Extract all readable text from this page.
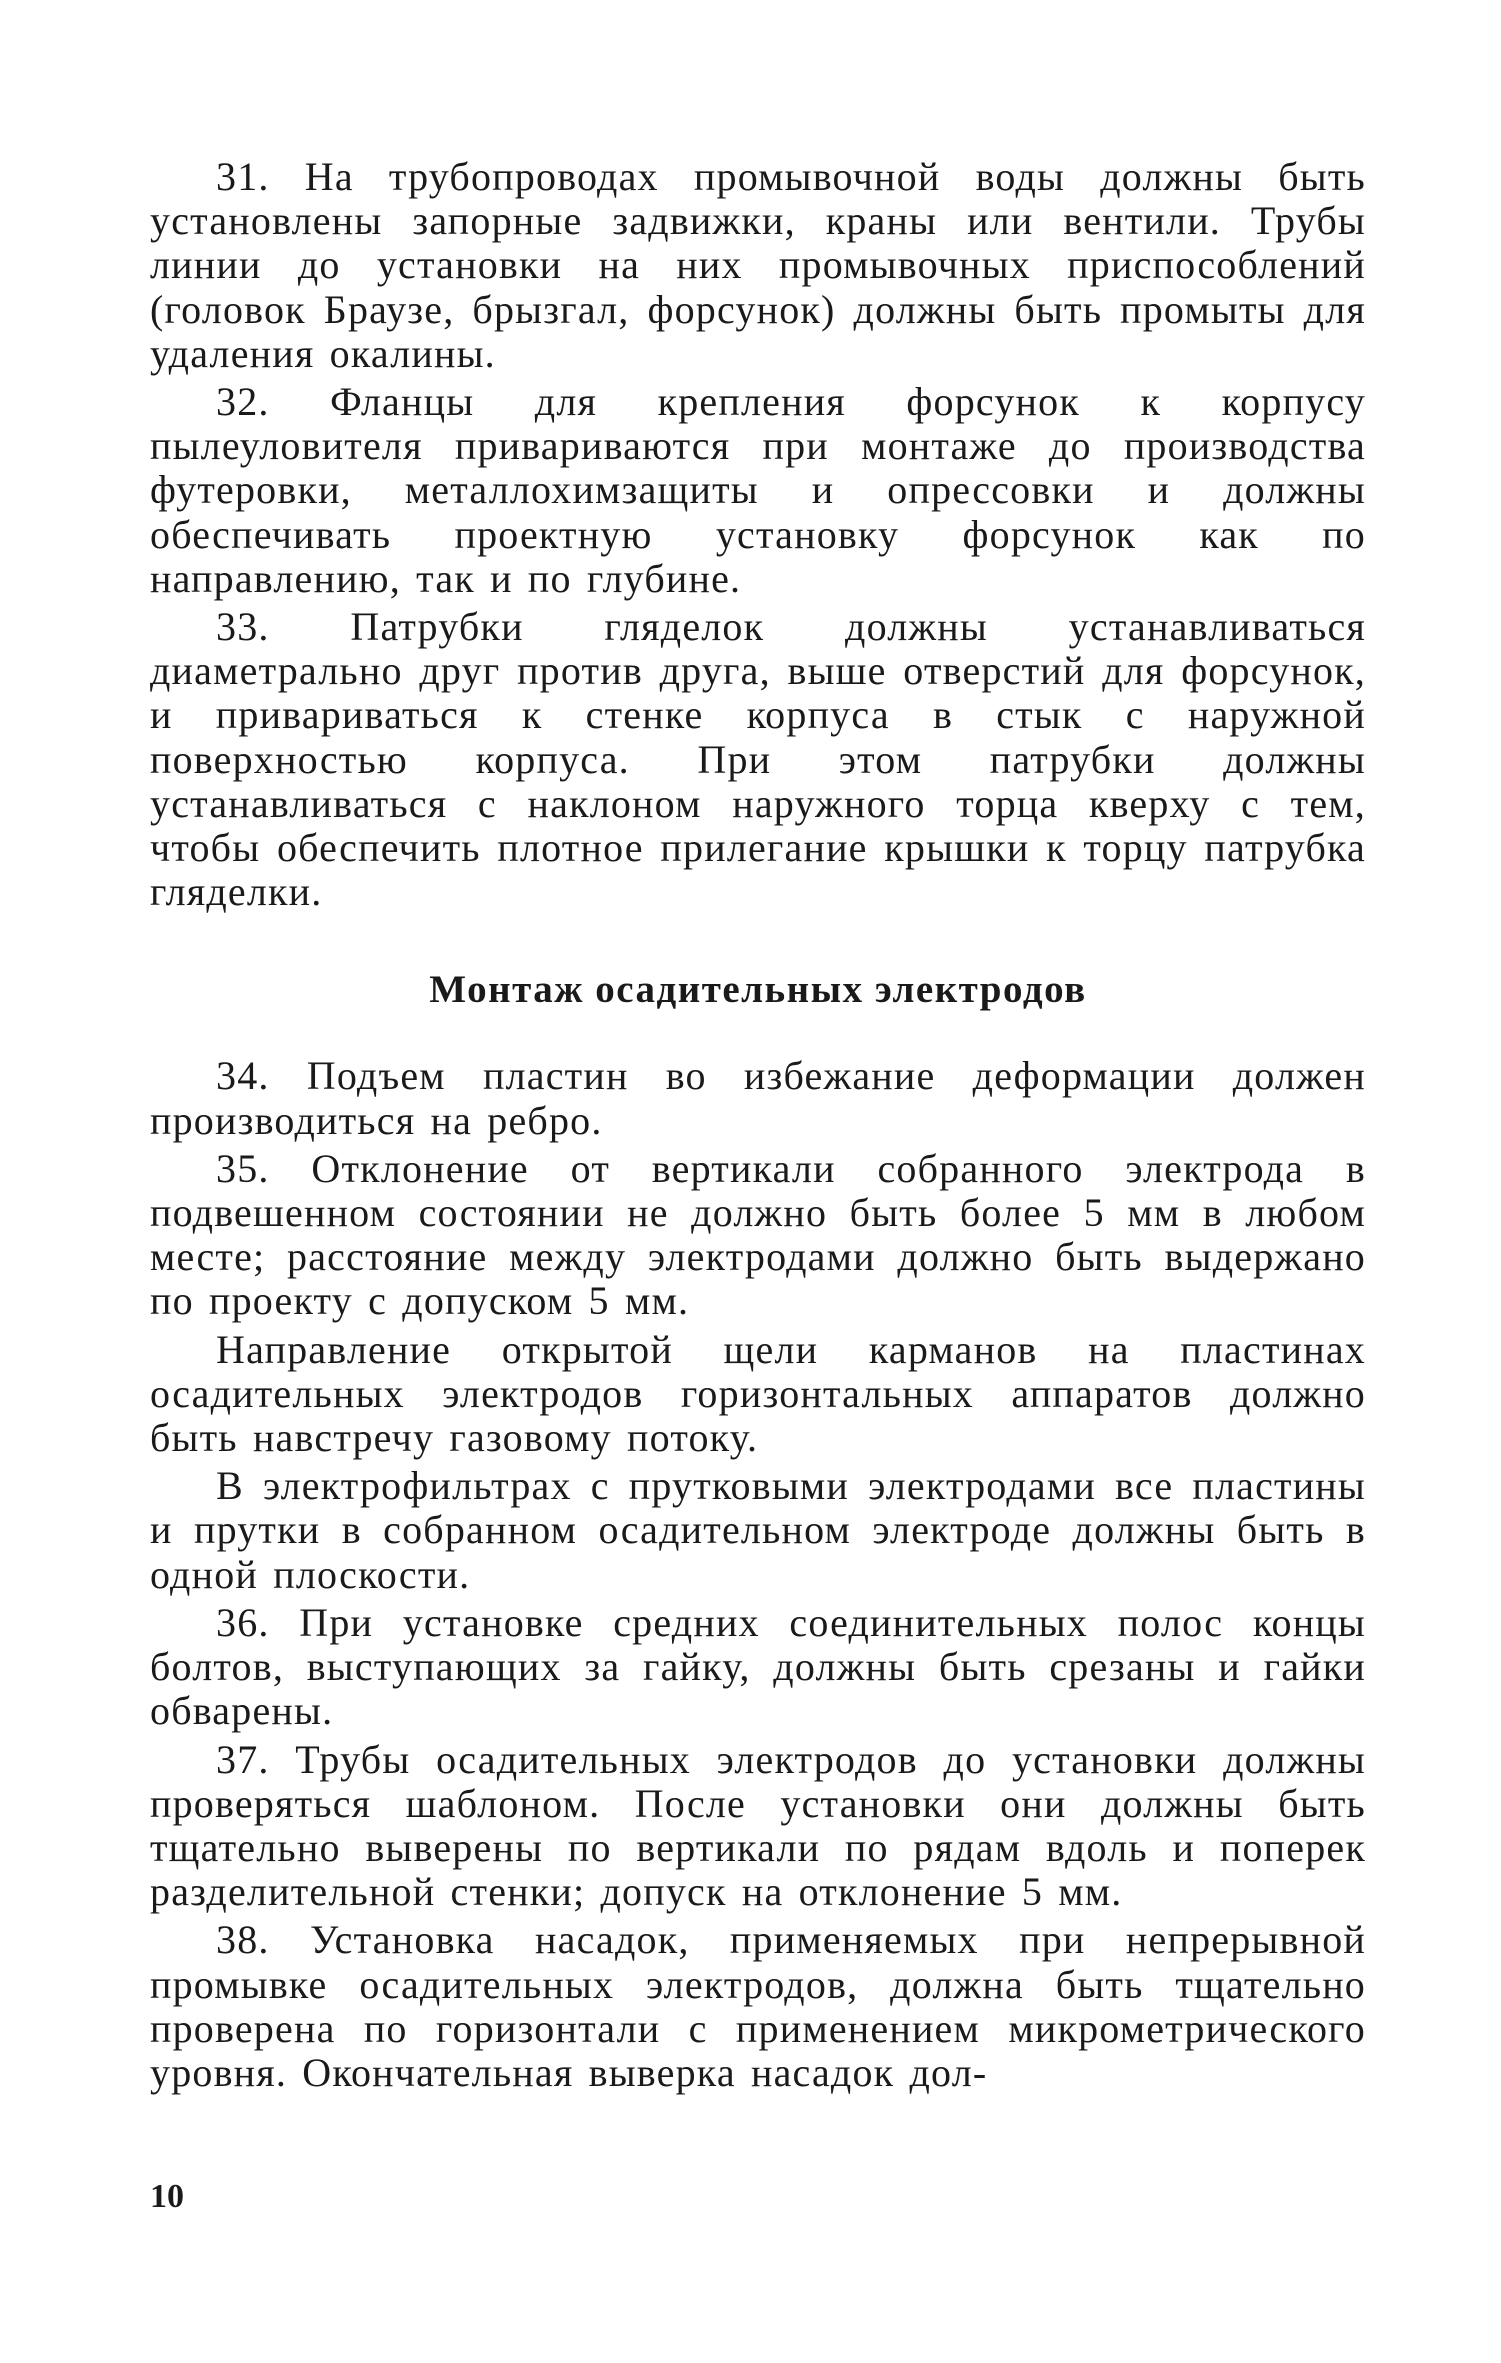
31. На трубопроводах промывочной воды должны быть установлены запорные задвижки, краны или вентили. Трубы линии до установки на них промывочных приспособлений (головок Браузе, брызгал, форсунок) должны быть промыты для удаления окалины.

32. Фланцы для крепления форсунок к корпусу пылеуловителя привариваются при монтаже до производства футеровки, металлохимзащиты и опрессовки и должны обеспечивать проектную установку форсунок как по направлению, так и по глубине.

33. Патрубки гляделок должны устанавливаться диаметрально друг против друга, выше отверстий для форсунок, и привариваться к стенке корпуса в стык с наружной поверхностью корпуса. При этом патрубки должны устанавливаться с наклоном наружного торца кверху с тем, чтобы обеспечить плотное прилегание крышки к торцу патрубка гляделки.

Монтаж осадительных электродов

34. Подъем пластин во избежание деформации должен производиться на ребро.

35. Отклонение от вертикали собранного электрода в подвешенном состоянии не должно быть более 5 мм в любом месте; расстояние между электродами должно быть выдержано по проекту с допуском 5 мм.

Направление открытой щели карманов на пластинах осадительных электродов горизонтальных аппаратов должно быть навстречу газовому потоку.

В электрофильтрах с прутковыми электродами все пластины и прутки в собранном осадительном электроде должны быть в одной плоскости.

36. При установке средних соединительных полос концы болтов, выступающих за гайку, должны быть срезаны и гайки обварены.

37. Трубы осадительных электродов до установки должны проверяться шаблоном. После установки они должны быть тщательно выверены по вертикали по рядам вдоль и поперек разделительной стенки; допуск на отклонение 5 мм.

38. Установка насадок, применяемых при непрерывной промывке осадительных электродов, должна быть тщательно проверена по горизонтали с применением микрометрического уровня. Окончательная выверка насадок дол-

10
